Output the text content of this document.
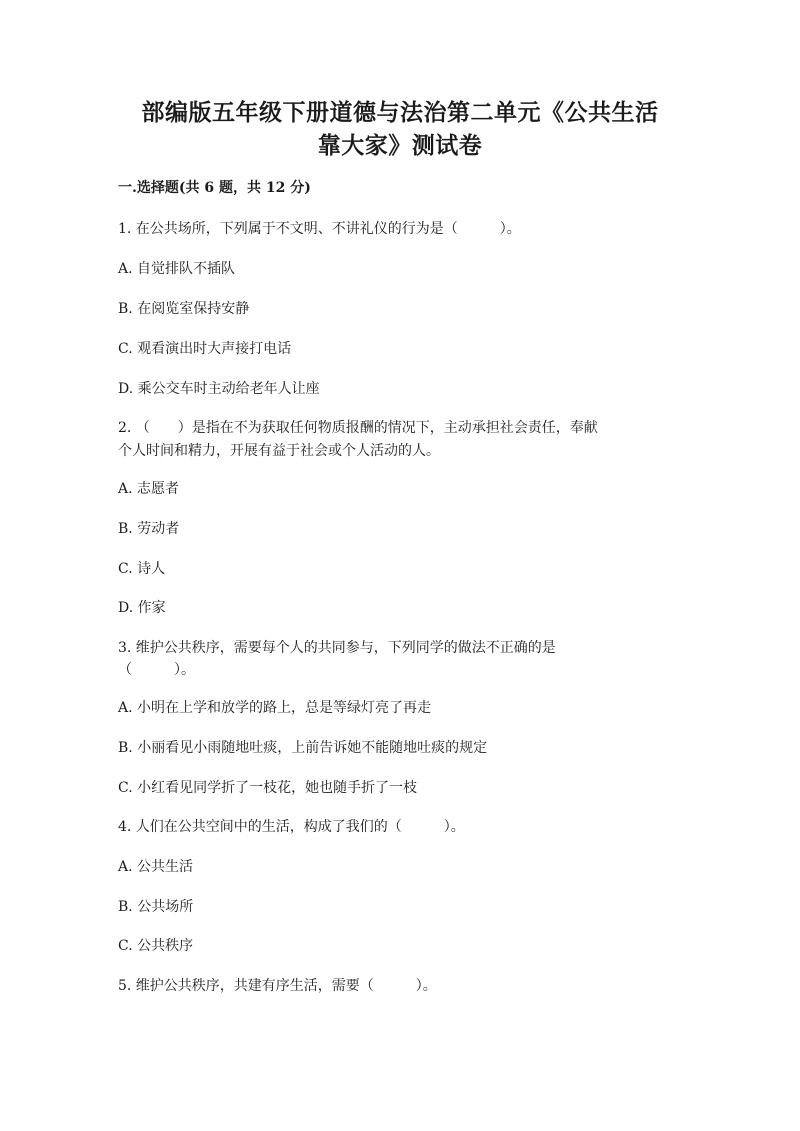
部编版五年级下册道德与法治第二单元《公共生活
靠大家》测试卷
一.选择题(共 6 题，共 12 分)
1. 在公共场所，下列属于不文明、不讲礼仪的行为是（　　　）。
A. 自觉排队不插队
B. 在阅览室保持安静
C. 观看演出时大声接打电话
D. 乘公交车时主动给老年人让座
2. （　　）是指在不为获取任何物质报酬的情况下，主动承担社会责任，奉献
个人时间和精力，开展有益于社会或个人活动的人。
A. 志愿者
B. 劳动者
C. 诗人
D. 作家
3. 维护公共秩序，需要每个人的共同参与，下列同学的做法不正确的是
（　　　）。
A. 小明在上学和放学的路上，总是等绿灯亮了再走
B. 小丽看见小雨随地吐痰，上前告诉她不能随地吐痰的规定
C. 小红看见同学折了一枝花，她也随手折了一枝
4. 人们在公共空间中的生活，构成了我们的（　　　）。
A. 公共生活
B. 公共场所
C. 公共秩序
5. 维护公共秩序，共建有序生活，需要（　　　）。
